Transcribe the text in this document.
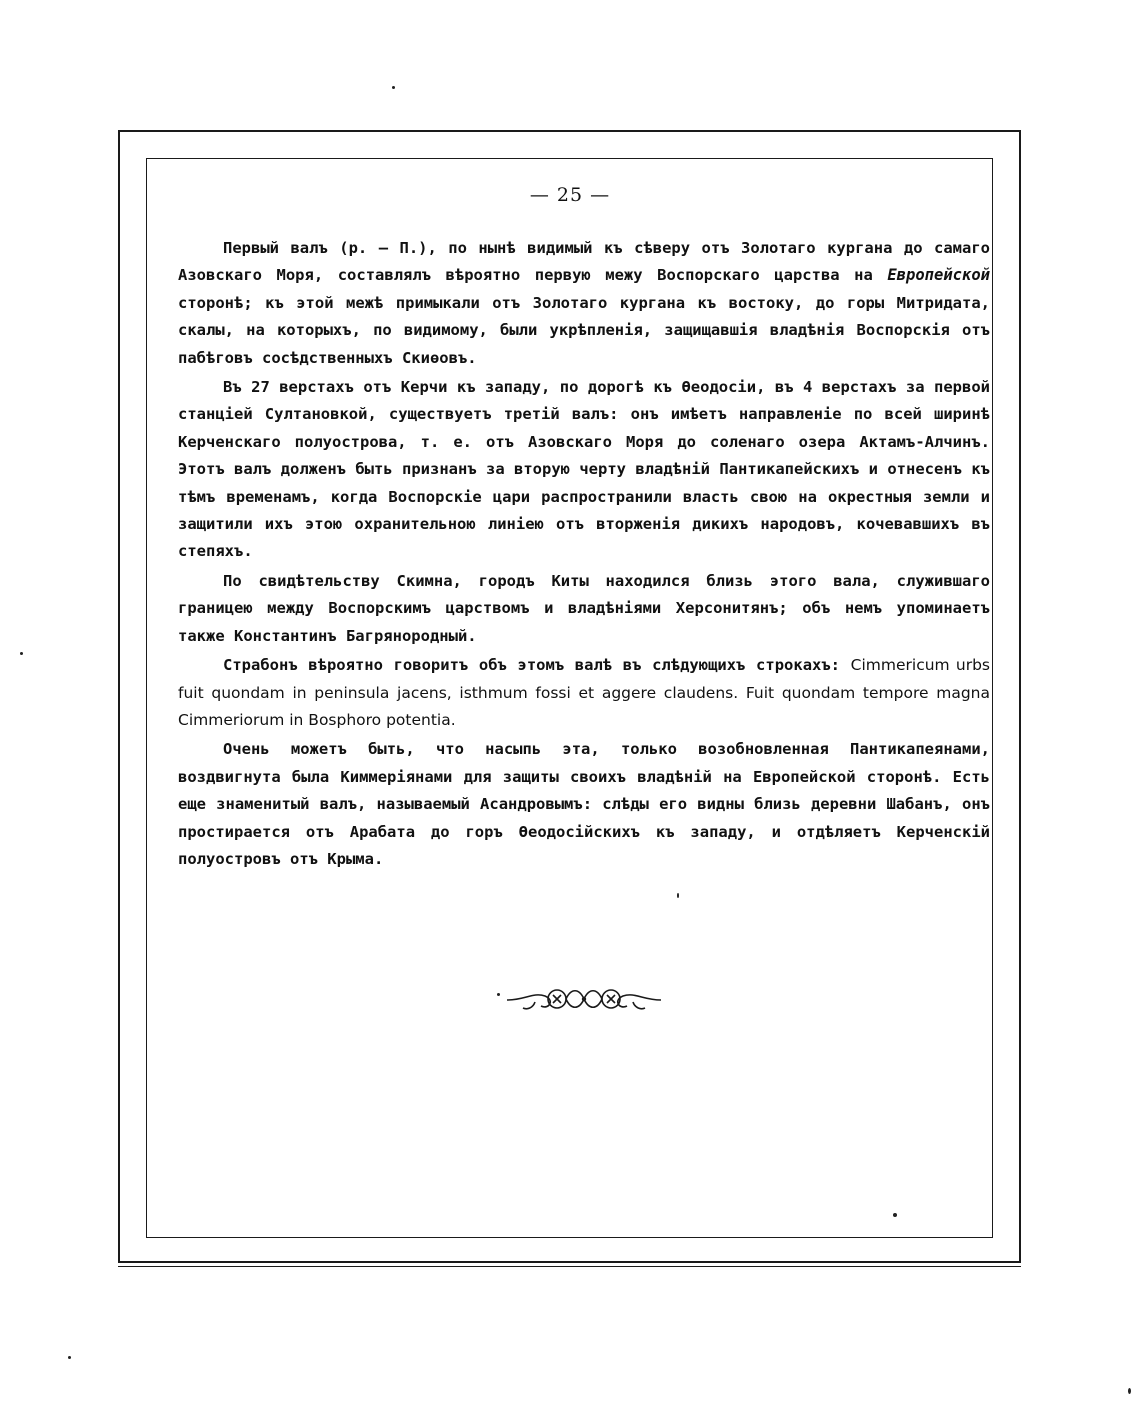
— 25 —

Первый валъ (р. — П.), по нынѣ видимый къ сѣверу отъ Золотаго кургана до самаго Азовскаго Моря, составлялъ вѣроятно первую межу Воспорскаго царства на Европейской сторонѣ; къ этой межѣ примыкали отъ Золотаго кургана къ востоку, до горы Митридата, скалы, на которыхъ, по видимому, были укрѣпленія, защищавшія владѣнія Воспорскія отъ пабѣговъ сосѣдственныхъ Скиѳовъ.

Въ 27 верстахъ отъ Керчи къ западу, по дорогѣ къ Ѳеодосіи, въ 4 верстахъ за первой станціей Султановкой, существуетъ третій валъ: онъ имѣетъ направленіе по всей ширинѣ Керченскаго полуострова, т. е. отъ Азовскаго Моря до соленаго озера Актамъ-Алчинъ. Этотъ валъ долженъ быть признанъ за вторую черту владѣній Пантикапейскихъ и отнесенъ къ тѣмъ временамъ, когда Воспорскіе цари распространили власть свою на окрестныя земли и защитили ихъ этою охранительною линіею отъ вторженія дикихъ народовъ, кочевавшихъ въ степяхъ.

По свидѣтельству Скимна, городъ Киты находился близь этого вала, служившаго границею между Воспорскимъ царствомъ и владѣніями Херсонитянъ; объ немъ упоминаетъ также Константинъ Багрянородный.

Страбонъ вѣроятно говоритъ объ этомъ валѣ въ слѣдующихъ строкахъ: Cimmericum urbs fuit quondam in peninsula jacens, isthmum fossi et aggere claudens. Fuit quondam tempore magna Cimmeriorum in Bosphoro potentia.

Очень можетъ быть, что насыпь эта, только возобновленная Пантикапеянами, воздвигнута была Киммеріянами для защиты своихъ владѣній на Европейской сторонѣ. Есть еще знаменитый валъ, называемый Асандровымъ: слѣды его видны близь деревни Шабанъ, онъ простирается отъ Арабата до горъ Ѳеодосійскихъ къ западу, и отдѣляетъ Керченскій полуостровъ отъ Крыма.
